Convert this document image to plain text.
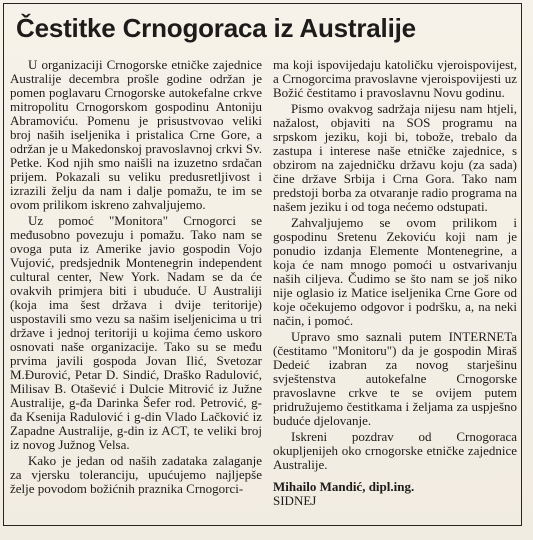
Čestitke Crnogoraca iz Australije

U organizaciji Crnogorske etničke zajednice Australije decembra prošle godine održan je pomen poglavaru Crnogorske autokefalne crkve mitropolitu Crnogorskom gospodinu Antoniju Abramoviću. Pomenu je prisustvovao veliki broj naših iseljenika i pristalica Crne Gore, a održan je u Makedonskoj pravoslavnoj crkvi Sv. Petke. Kod njih smo naišli na izuzetno srdačan prijem. Pokazali su veliku predusretljivost i izrazili želju da nam i dalje pomažu, te im se ovom prilikom iskreno zahvaljujemo.

Uz pomoć "Monitora" Crnogorci se međusobno povezuju i pomažu. Tako nam se ovoga puta iz Amerike javio gospodin Vojo Vujović, predsjednik Montenegrin independent cultural center, New York. Nadam se da će ovakvih primjera biti i ubuduće. U Australiji (koja ima šest država i dvije teritorije) uspostavili smo vezu sa našim iseljenicima u tri države i jednoj teritoriji u kojima ćemo uskoro osnovati naše organizacije. Tako su se među prvima javili gospoda Jovan Ilić, Svetozar M.Đurović, Petar D. Sindić, Draško Radulović, Milisav B. Otašević i Dulcie Mitrović iz Južne Australije, g-đa Darinka Šefer rod. Petrović, g-đa Ksenija Radulović i g-din Vlado Lačković iz Zapadne Australije, g-din iz ACT, te veliki broj iz novog Južnog Velsa.

Kako je jedan od naših zadataka zalaganje za vjersku toleranciju, upućujemo najljepše želje povodom božićnih praznika Crnogorci-

ma koji ispovijedaju katoličku vjeroispovijest, a Crnogorcima pravoslavne vjeroispovijesti uz Božić čestitamo i pravoslavnu Novu godinu.

Pismo ovakvog sadržaja nijesu nam htjeli, nažalost, objaviti na SOS programu na srpskom jeziku, koji bi, tobože, trebalo da zastupa i interese naše etničke zajednice, s obzirom na zajedničku državu koju (za sada) čine države Srbija i Crna Gora. Tako nam predstoji borba za otvaranje radio programa na našem jeziku i od toga nećemo odstupati.

Zahvaljujemo se ovom prilikom i gospodinu Sretenu Zekoviću koji nam je ponudio izdanja Elemente Montenegrine, a koja će nam mnogo pomoći u ostvarivanju naših ciljeva. Čudimo se što nam se još niko nije oglasio iz Matice iseljenika Crne Gore od koje očekujemo odgovor i podršku, a, na neki način, i pomoć.

Upravo smo saznali putem INTERNETa (čestitamo "Monitoru") da je gospodin Miraš Dedeić izabran za novog starješinu svještenstva autokefalne Crnogorske pravoslavne crkve te se ovijem putem pridružujemo čestitkama i željama za uspješno buduće djelovanje.

Iskreni pozdrav od Crnogoraca okupljenijeh oko crnogorske etničke zajednice Australije.

Mihailo Mandić, dipl.ing.
SIDNEJ
